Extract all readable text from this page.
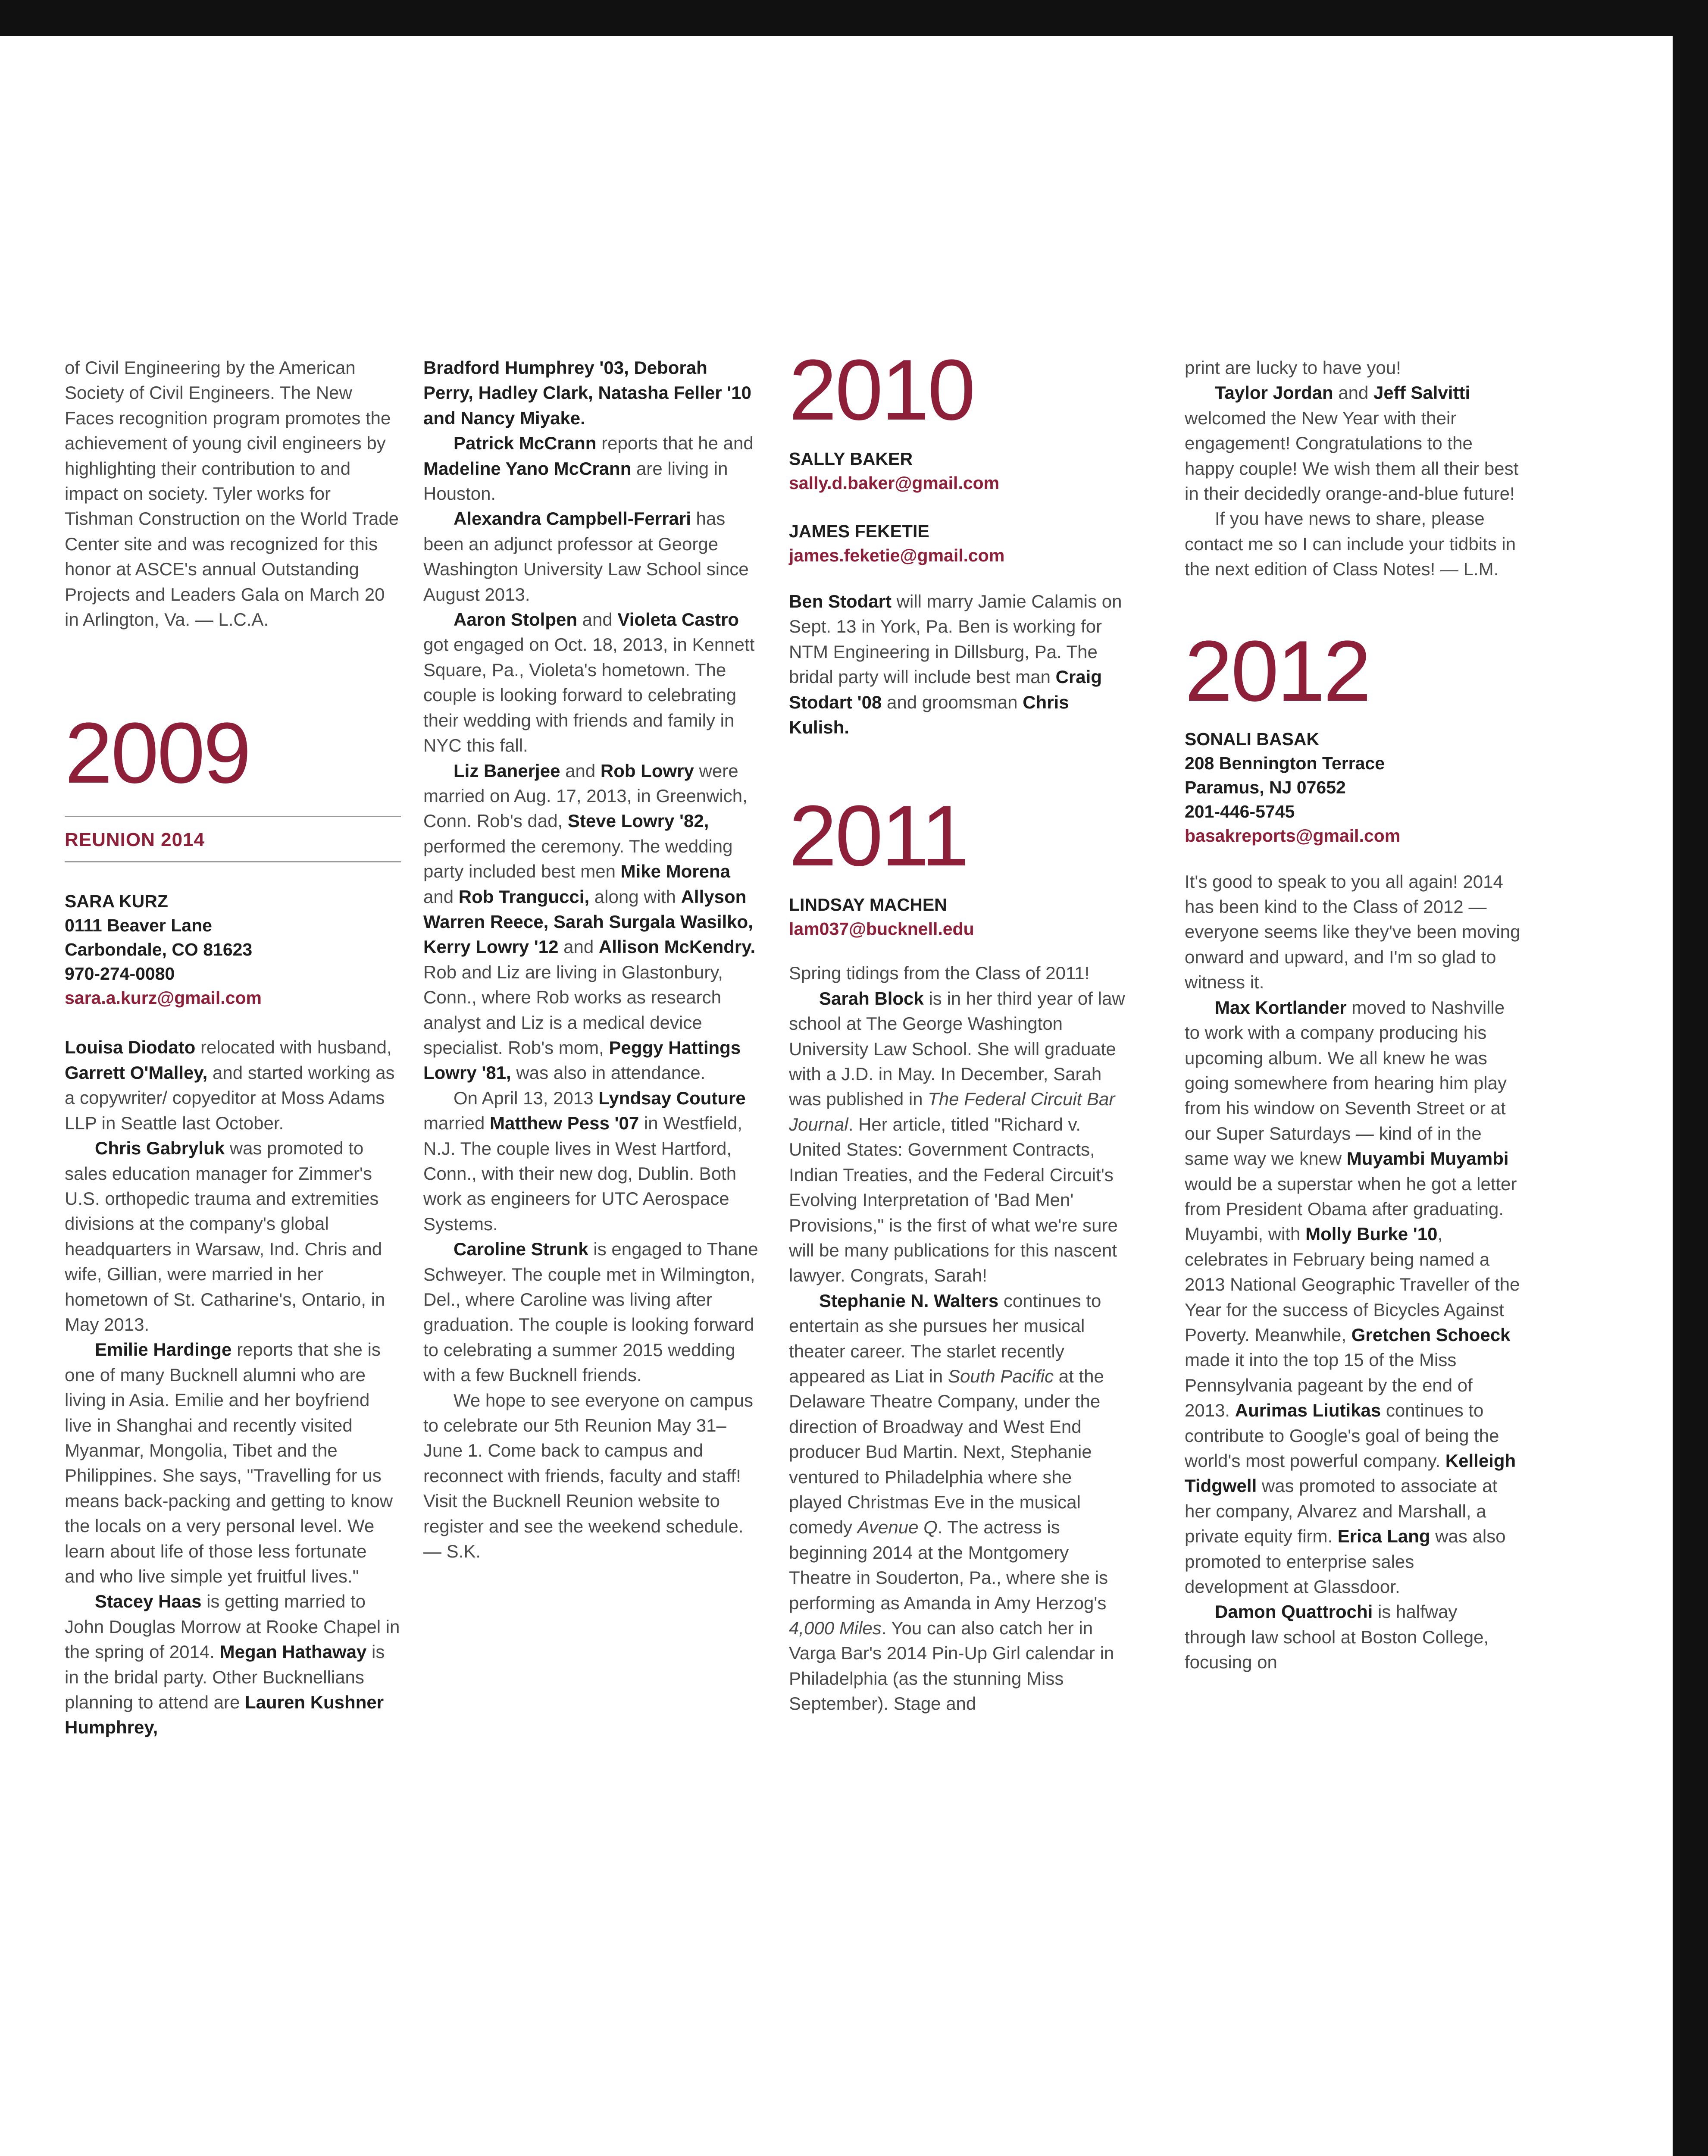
of Civil Engineering by the American Society of Civil Engineers. The New Faces recognition program promotes the achievement of young civil engineers by highlighting their contribution to and impact on society. Tyler works for Tishman Construction on the World Trade Center site and was recognized for this honor at ASCE's annual Outstanding Projects and Leaders Gala on March 20 in Arlington, Va. — L.C.A.

2009
REUNION 2014
SARA KURZ
0111 Beaver Lane
Carbondale, CO 81623
970-274-0080
sara.a.kurz@gmail.com

Louisa Diodato relocated with husband, Garrett O'Malley, and started working as a copywriter/ copyeditor at Moss Adams LLP in Seattle last October.

Chris Gabryluk was promoted to sales education manager for Zimmer's U.S. orthopedic trauma and extremities divisions at the company's global headquarters in Warsaw, Ind. Chris and wife, Gillian, were married in her hometown of St. Catharine's, Ontario, in May 2013.

Emilie Hardinge reports that she is one of many Bucknell alumni who are living in Asia. Emilie and her boyfriend live in Shanghai and recently visited Myanmar, Mongolia, Tibet and the Philippines. She says, "Travelling for us means back-packing and getting to know the locals on a very personal level. We learn about life of those less fortunate and who live simple yet fruitful lives."

Stacey Haas is getting married to John Douglas Morrow at Rooke Chapel in the spring of 2014. Megan Hathaway is in the bridal party. Other Bucknellians planning to attend are Lauren Kushner Humphrey,

Bradford Humphrey '03, Deborah Perry, Hadley Clark, Natasha Feller '10 and Nancy Miyake.

Patrick McCrann reports that he and Madeline Yano McCrann are living in Houston.

Alexandra Campbell-Ferrari has been an adjunct professor at George Washington University Law School since August 2013.

Aaron Stolpen and Violeta Castro got engaged on Oct. 18, 2013, in Kennett Square, Pa., Violeta's hometown. The couple is looking forward to celebrating their wedding with friends and family in NYC this fall.

Liz Banerjee and Rob Lowry were married on Aug. 17, 2013, in Greenwich, Conn. Rob's dad, Steve Lowry '82, performed the ceremony. The wedding party included best men Mike Morena and Rob Trangucci, along with Allyson Warren Reece, Sarah Surgala Wasilko, Kerry Lowry '12 and Allison McKendry. Rob and Liz are living in Glastonbury, Conn., where Rob works as research analyst and Liz is a medical device specialist. Rob's mom, Peggy Hattings Lowry '81, was also in attendance.

On April 13, 2013 Lyndsay Couture married Matthew Pess '07 in Westfield, N.J. The couple lives in West Hartford, Conn., with their new dog, Dublin. Both work as engineers for UTC Aerospace Systems.

Caroline Strunk is engaged to Thane Schweyer. The couple met in Wilmington, Del., where Caroline was living after graduation. The couple is looking forward to celebrating a summer 2015 wedding with a few Bucknell friends.

We hope to see everyone on campus to celebrate our 5th Reunion May 31–June 1. Come back to campus and reconnect with friends, faculty and staff! Visit the Bucknell Reunion website to register and see the weekend schedule. — S.K.

2010
SALLY BAKER
sally.d.baker@gmail.com
JAMES FEKETIE
james.feketie@gmail.com

Ben Stodart will marry Jamie Calamis on Sept. 13 in York, Pa. Ben is working for NTM Engineering in Dillsburg, Pa. The bridal party will include best man Craig Stodart '08 and groomsman Chris Kulish.

2011
LINDSAY MACHEN
lam037@bucknell.edu

Spring tidings from the Class of 2011!

Sarah Block is in her third year of law school at The George Washington University Law School. She will graduate with a J.D. in May. In December, Sarah was published in The Federal Circuit Bar Journal. Her article, titled "Richard v. United States: Government Contracts, Indian Treaties, and the Federal Circuit's Evolving Interpretation of 'Bad Men' Provisions," is the first of what we're sure will be many publications for this nascent lawyer. Congrats, Sarah!

Stephanie N. Walters continues to entertain as she pursues her musical theater career. The starlet recently appeared as Liat in South Pacific at the Delaware Theatre Company, under the direction of Broadway and West End producer Bud Martin. Next, Stephanie ventured to Philadelphia where she played Christmas Eve in the musical comedy Avenue Q. The actress is beginning 2014 at the Montgomery Theatre in Souderton, Pa., where she is performing as Amanda in Amy Herzog's 4,000 Miles. You can also catch her in Varga Bar's 2014 Pin-Up Girl calendar in Philadelphia (as the stunning Miss September). Stage and

print are lucky to have you!

Taylor Jordan and Jeff Salvitti welcomed the New Year with their engagement! Congratulations to the happy couple! We wish them all their best in their decidedly orange-and-blue future!

If you have news to share, please contact me so I can include your tidbits in the next edition of Class Notes! — L.M.

2012
SONALI BASAK
208 Bennington Terrace
Paramus, NJ 07652
201-446-5745
basakreports@gmail.com

It's good to speak to you all again! 2014 has been kind to the Class of 2012 — everyone seems like they've been moving onward and upward, and I'm so glad to witness it.

Max Kortlander moved to Nashville to work with a company producing his upcoming album. We all knew he was going somewhere from hearing him play from his window on Seventh Street or at our Super Saturdays — kind of in the same way we knew Muyambi Muyambi would be a superstar when he got a letter from President Obama after graduating. Muyambi, with Molly Burke '10, celebrates in February being named a 2013 National Geographic Traveller of the Year for the success of Bicycles Against Poverty. Meanwhile, Gretchen Schoeck made it into the top 15 of the Miss Pennsylvania pageant by the end of 2013. Aurimas Liutikas continues to contribute to Google's goal of being the world's most powerful company. Kelleigh Tidgwell was promoted to associate at her company, Alvarez and Marshall, a private equity firm. Erica Lang was also promoted to enterprise sales development at Glassdoor.

Damon Quattrochi is halfway through law school at Boston College, focusing on
